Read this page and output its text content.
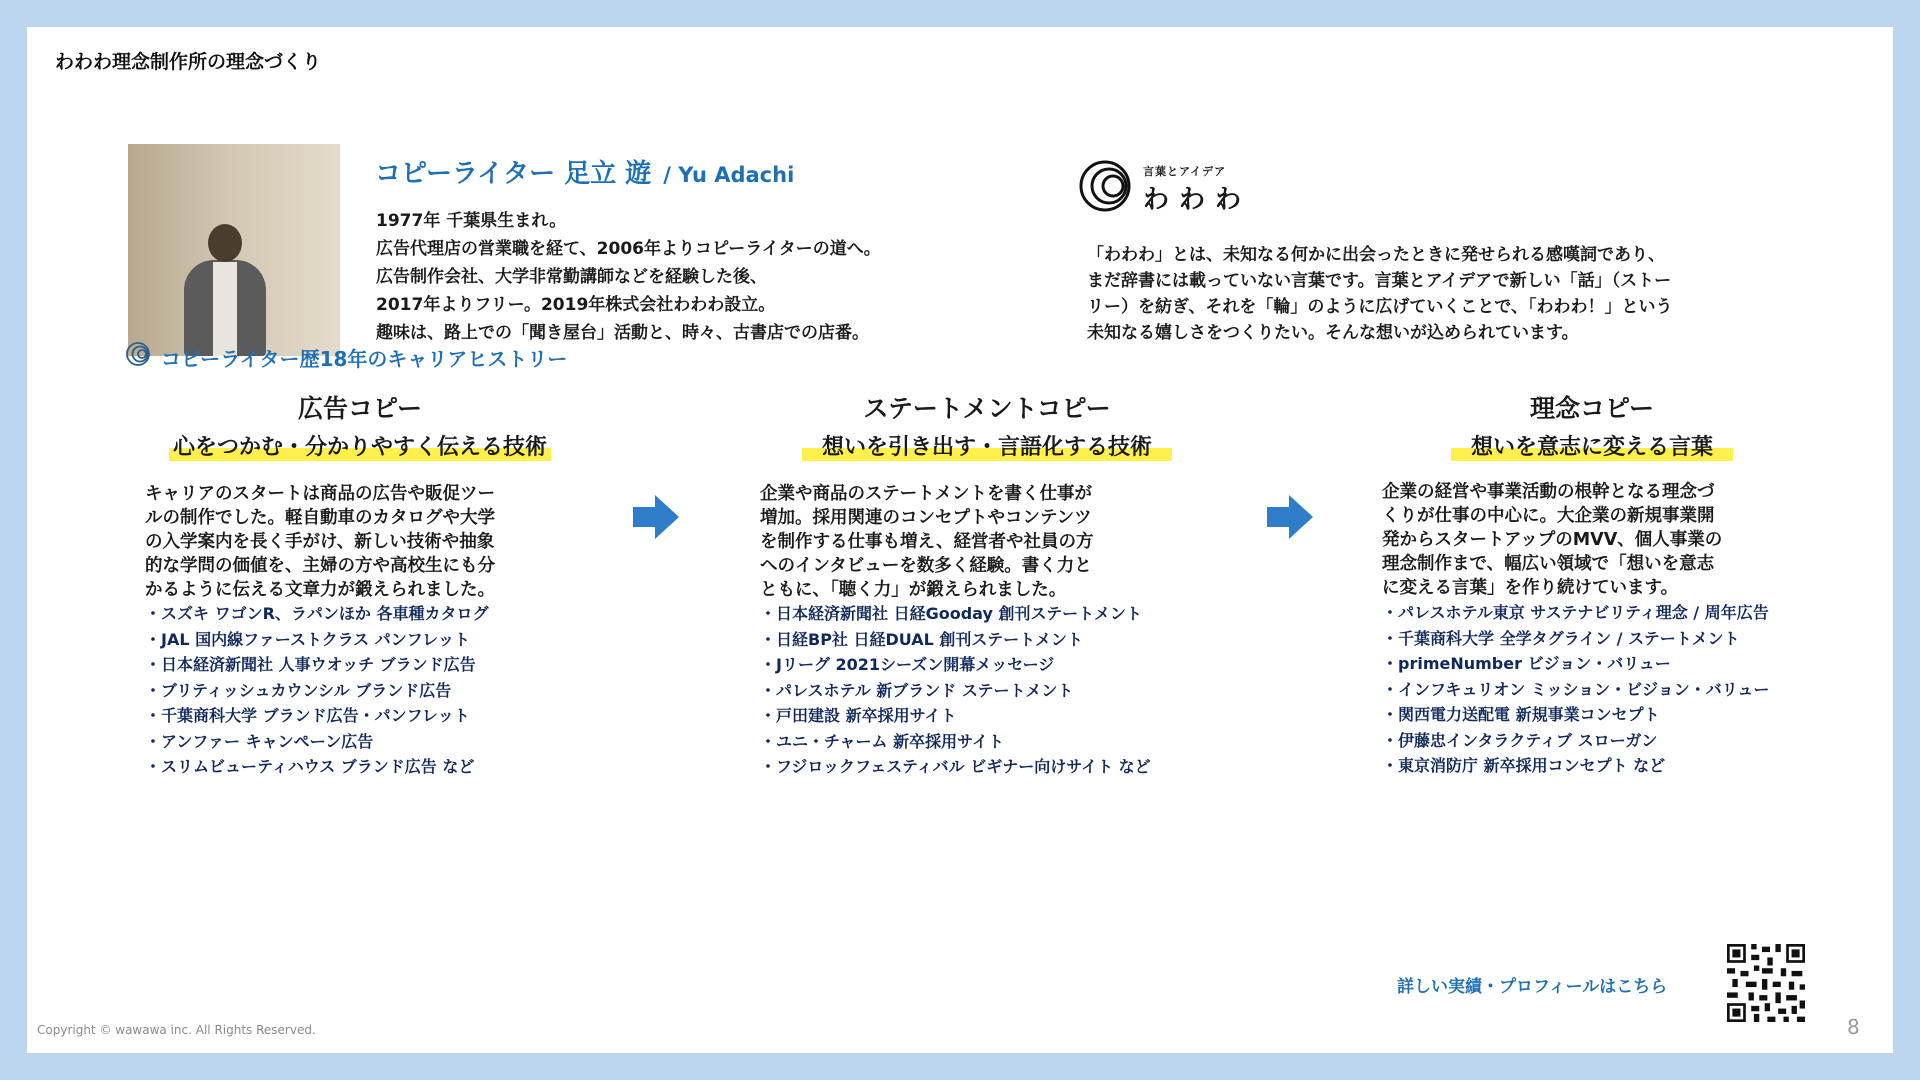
わわわ理念制作所の理念づくり
コピーライター 足立 遊 / Yu Adachi
1977年 千葉県生まれ。
広告代理店の営業職を経て、2006年よりコピーライターの道へ。
広告制作会社、大学非常勤講師などを経験した後、
2017年よりフリー。2019年株式会社わわわ設立。
趣味は、路上での「聞き屋台」活動と、時々、古書店での店番。
言葉とアイデア
わわわ
「わわわ」とは、未知なる何かに出会ったときに発せられる感嘆詞であり、
まだ辞書には載っていない言葉です。言葉とアイデアで新しい「話」（ストー
リー）を紡ぎ、それを「輪」のように広げていくことで、「わわわ！」という
未知なる嬉しさをつくりたい。そんな想いが込められています。
コピーライター歴18年のキャリアヒストリー
広告コピー
心をつかむ・分かりやすく伝える技術
キャリアのスタートは商品の広告や販促ツー
ルの制作でした。軽自動車のカタログや大学
の入学案内を長く手がけ、新しい技術や抽象
的な学問の価値を、主婦の方や高校生にも分
かるように伝える文章力が鍛えられました。
・スズキ ワゴンR、ラパンほか 各車種カタログ
・JAL 国内線ファーストクラス パンフレット
・日本経済新聞社 人事ウオッチ ブランド広告
・ブリティッシュカウンシル ブランド広告
・千葉商科大学 ブランド広告・パンフレット
・アンファー キャンペーン広告
・スリムビューティハウス ブランド広告 など
ステートメントコピー
想いを引き出す・言語化する技術
企業や商品のステートメントを書く仕事が
増加。採用関連のコンセプトやコンテンツ
を制作する仕事も増え、経営者や社員の方
へのインタビューを数多く経験。書く力と
ともに、「聴く力」が鍛えられました。
・日本経済新聞社 日経Gooday 創刊ステートメント
・日経BP社 日経DUAL 創刊ステートメント
・Jリーグ 2021シーズン開幕メッセージ
・パレスホテル 新ブランド ステートメント
・戸田建設 新卒採用サイト
・ユニ・チャーム 新卒採用サイト
・フジロックフェスティバル ビギナー向けサイト など
理念コピー
想いを意志に変える言葉
企業の経営や事業活動の根幹となる理念づ
くりが仕事の中心に。大企業の新規事業開
発からスタートアップのMVV、個人事業の
理念制作まで、幅広い領域で「想いを意志
に変える言葉」を作り続けています。
・パレスホテル東京 サステナビリティ理念 / 周年広告
・千葉商科大学 全学タグライン / ステートメント
・primeNumber ビジョン・バリュー
・インフキュリオン ミッション・ビジョン・バリュー
・関西電力送配電 新規事業コンセプト
・伊藤忠インタラクティブ スローガン
・東京消防庁 新卒採用コンセプト など
詳しい実績・プロフィールはこちら
Copyright © wawawa inc. All Rights Reserved.	8
